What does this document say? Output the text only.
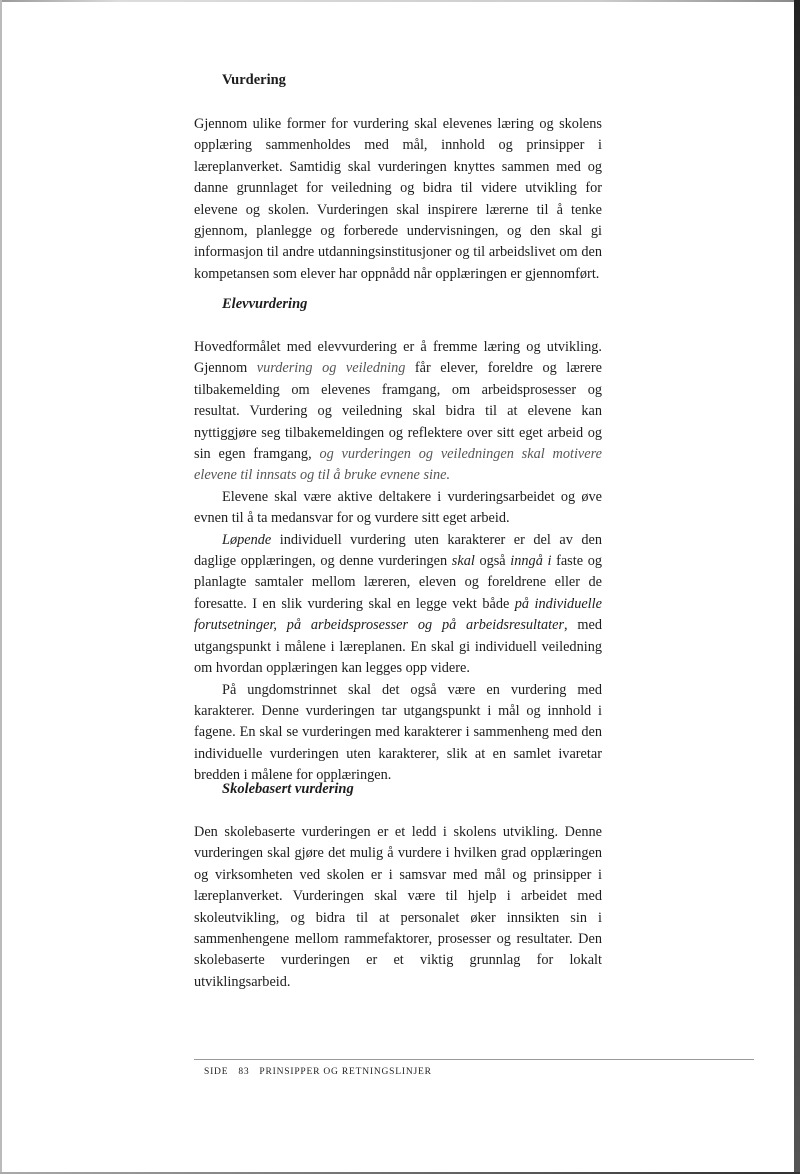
Vurdering

Gjennom ulike former for vurdering skal elevenes læring og skolens opplæring sammenholdes med mål, innhold og prinsipper i læreplanverket. Samtidig skal vurderingen knyttes sammen med og danne grunnlaget for veiledning og bidra til videre utvikling for elevene og skolen. Vurderingen skal inspirere lærerne til å tenke gjennom, planlegge og forberede undervisningen, og den skal gi informasjon til andre utdanningsinstitusjoner og til arbeidslivet om den kompetansen som elever har oppnådd når opplæringen er gjennomført.

Elevvurdering

Hovedformålet med elevvurdering er å fremme læring og utvikling. Gjennom vurdering og veiledning får elever, foreldre og lærere tilbakemelding om elevenes framgang, om arbeidsprosesser og resultat. Vurdering og veiledning skal bidra til at elevene kan nyttiggjøre seg tilbakemeldingen og reflektere over sitt eget arbeid og sin egen framgang, og vurderingen og veiledningen skal motivere elevene til innsats og til å bruke evnene sine.

Elevene skal være aktive deltakere i vurderingsarbeidet og øve evnen til å ta medansvar for og vurdere sitt eget arbeid.

Løpende individuell vurdering uten karakterer er del av den daglige opplæringen, og denne vurderingen skal også inngå i faste og planlagte samtaler mellom læreren, eleven og foreldrene eller de foresatte. I en slik vurdering skal en legge vekt både på individuelle forutsetninger, på arbeidsprosesser og på arbeidsresultater, med utgangspunkt i målene i læreplanen. En skal gi individuell veiledning om hvordan opplæringen kan legges opp videre.

På ungdomstrinnet skal det også være en vurdering med karakterer. Denne vurderingen tar utgangspunkt i mål og innhold i fagene. En skal se vurderingen med karakterer i sammenheng med den individuelle vurderingen uten karakterer, slik at en samlet ivaretar bredden i målene for opplæringen.

Skolebasert vurdering

Den skolebaserte vurderingen er et ledd i skolens utvikling. Denne vurderingen skal gjøre det mulig å vurdere i hvilken grad opplæringen og virksomheten ved skolen er i samsvar med mål og prinsipper i læreplanverket. Vurderingen skal være til hjelp i arbeidet med skoleutvikling, og bidra til at personalet øker innsikten sin i sammenhengene mellom rammefaktorer, prosesser og resultater. Den skolebaserte vurderingen er et viktig grunnlag for lokalt utviklingsarbeid.

SIDE 83 PRINSIPPER OG RETNINGSLINJER
